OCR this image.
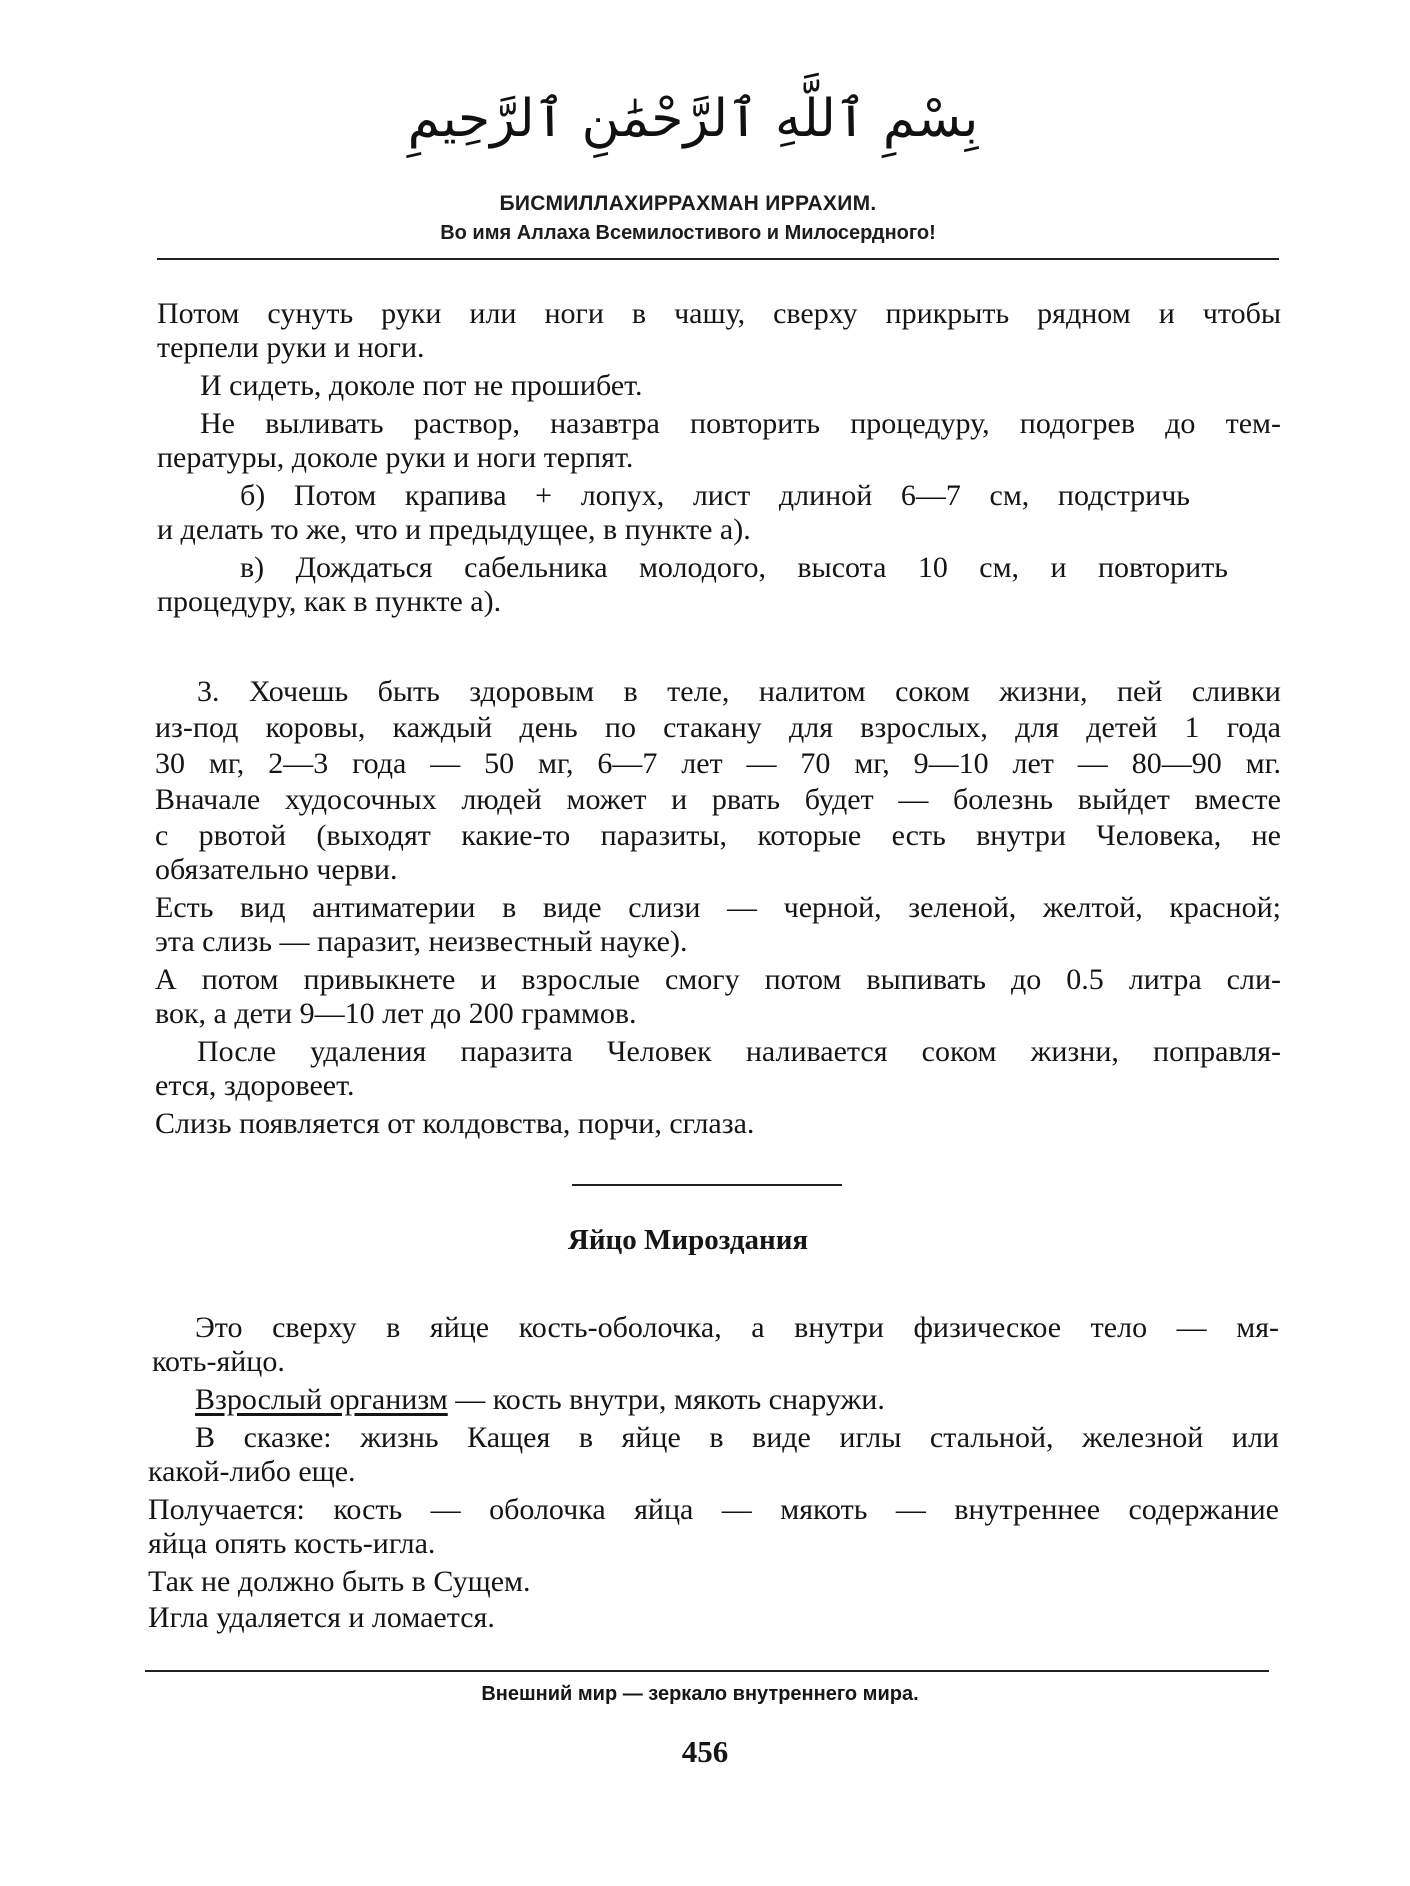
بِسْمِ ٱللَّهِ ٱلرَّحْمَٰنِ ٱلرَّحِيمِ
БИСМИЛЛАХИРРАХМАН ИРРАХИМ.
Во имя Аллаха Всемилостивого и Милосердного!

Потом сунуть руки или ноги в чашу, сверху прикрыть рядном и чтобы

терпели руки и ноги.

И сидеть, доколе пот не прошибет.

Не выливать раствор, назавтра повторить процедуру, подогрев до тем-

пературы, доколе руки и ноги терпят.

б) Потом крапива + лопух, лист длиной 6—7 см, подстричь

и делать то же, что и предыдущее, в пункте а).

в) Дождаться сабельника молодого, высота 10 см, и повторить

процедуру, как в пункте а).

3. Хочешь быть здоровым в теле, налитом соком жизни, пей сливки

из-под коровы, каждый день по стакану для взрослых, для детей 1 года

30 мг, 2—3 года — 50 мг, 6—7 лет — 70 мг, 9—10 лет — 80—90 мг.

Вначале худосочных людей может и рвать будет — болезнь выйдет вместе

с рвотой (выходят какие-то паразиты, которые есть внутри Человека, не

обязательно черви.

Есть вид антиматерии в виде слизи — черной, зеленой, желтой, красной;

эта слизь — паразит, неизвестный науке).

А потом привыкнете и взрослые смогу потом выпивать до 0.5 литра сли-

вок, а дети 9—10 лет до 200 граммов.

После удаления паразита Человек наливается соком жизни, поправля-

ется, здоровеет.

Слизь появляется от колдовства, порчи, сглаза.

Яйцо Мироздания

Это сверху в яйце кость-оболочка, а внутри физическое тело — мя-

коть-яйцо.

Взрослый организм — кость внутри, мякоть снаружи.

В сказке: жизнь Кащея в яйце в виде иглы стальной, железной или

какой-либо еще.

Получается: кость — оболочка яйца — мякоть — внутреннее содержание

яйца опять кость-игла.

Так не должно быть в Сущем.

Игла удаляется и ломается.

Внешний мир — зеркало внутреннего мира.
456
